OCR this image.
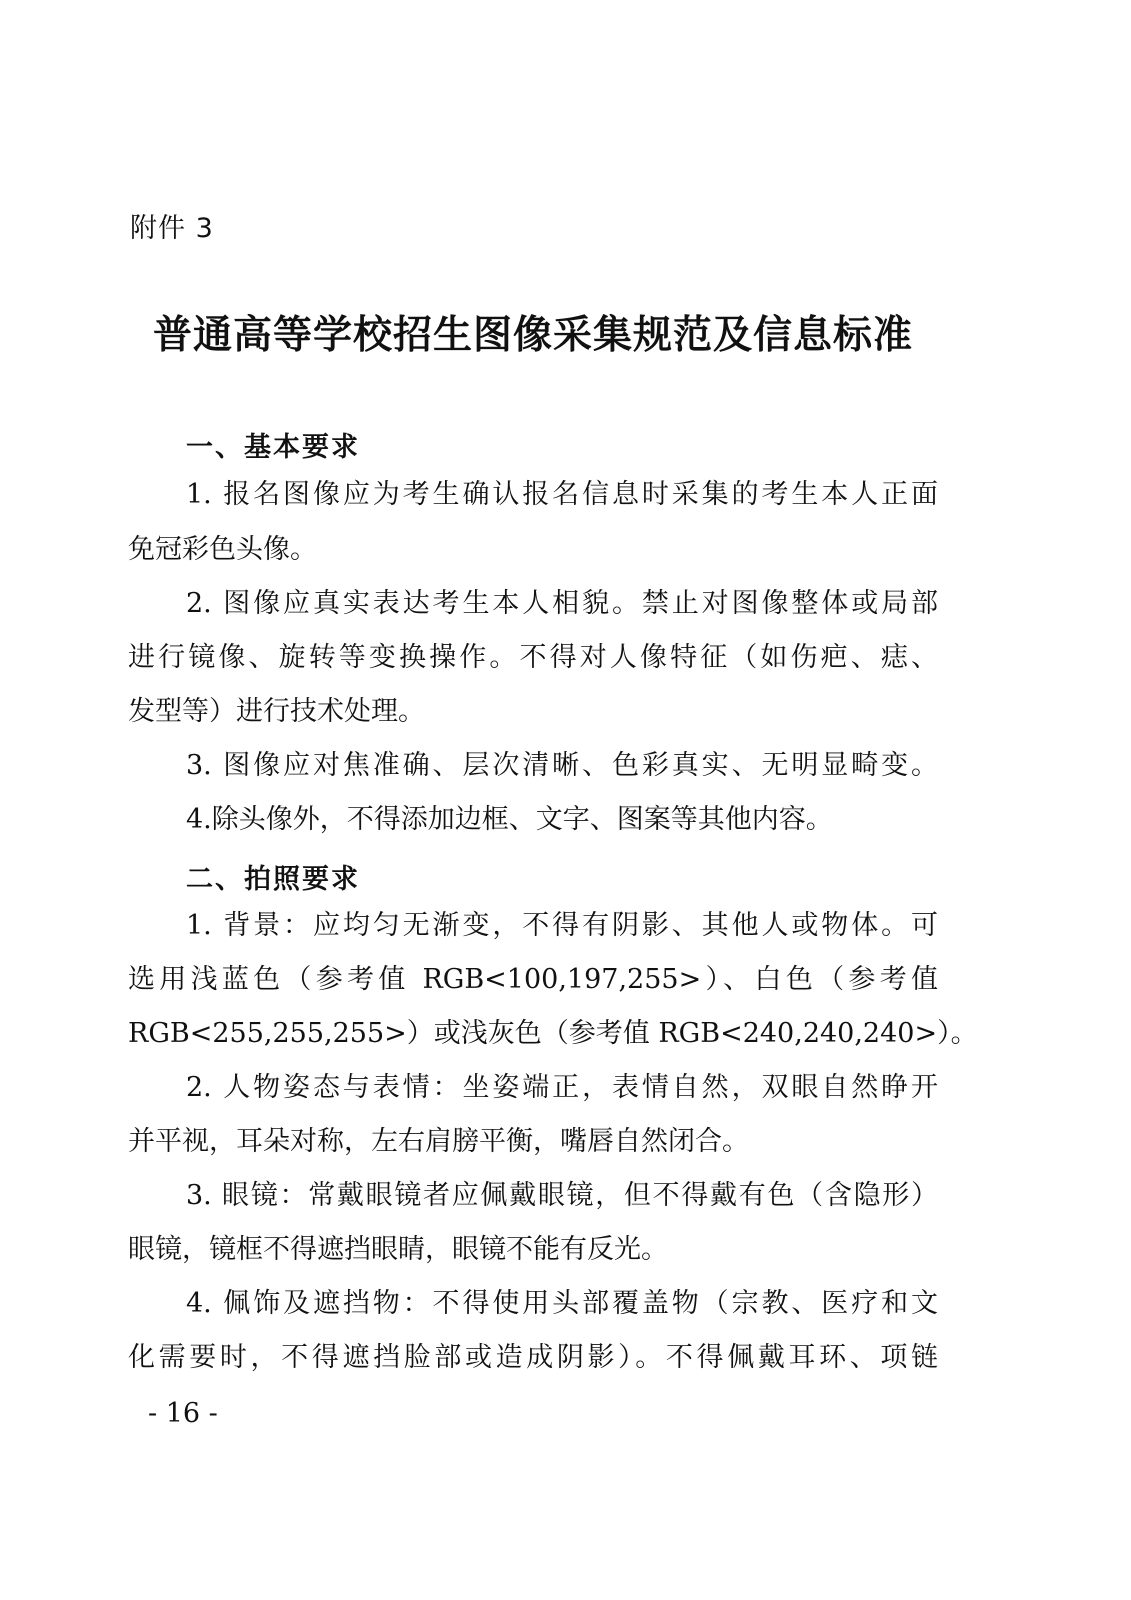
附件 3
普通高等学校招生图像采集规范及信息标准
一、基本要求
1. 报名图像应为考生确认报名信息时采集的考生本人正面
免冠彩色头像。
2. 图像应真实表达考生本人相貌。禁止对图像整体或局部
进行镜像、旋转等变换操作。不得对人像特征（如伤疤、痣、
发型等）进行技术处理。
3. 图像应对焦准确、层次清晰、色彩真实、无明显畸变。
4.除头像外，不得添加边框、文字、图案等其他内容。
二、拍照要求
1. 背景：应均匀无渐变，不得有阴影、其他人或物体。可
选用浅蓝色（参考值 RGB<100,197,255>）、白色（参考值
RGB<255,255,255>）或浅灰色（参考值 RGB<240,240,240>）。
2. 人物姿态与表情：坐姿端正，表情自然，双眼自然睁开
并平视，耳朵对称，左右肩膀平衡，嘴唇自然闭合。
3. 眼镜：常戴眼镜者应佩戴眼镜，但不得戴有色（含隐形）
眼镜，镜框不得遮挡眼睛，眼镜不能有反光。
4. 佩饰及遮挡物：不得使用头部覆盖物（宗教、医疗和文
化需要时，不得遮挡脸部或造成阴影）。不得佩戴耳环、项链
- 16 -
